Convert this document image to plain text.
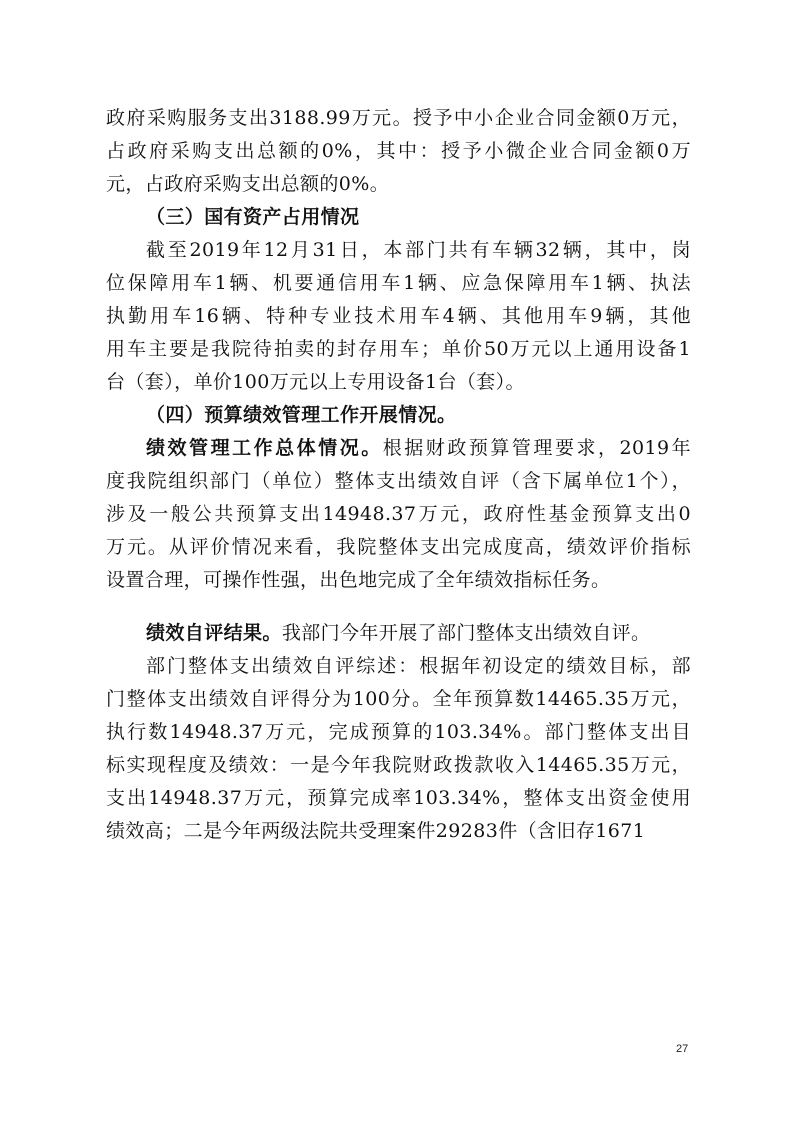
政府采购服务支出3188.99万元。授予中小企业合同金额0万元，
占政府采购支出总额的0%，其中：授予小微企业合同金额0万
元，占政府采购支出总额的0%。
（三）国有资产占用情况
截至2019年12月31日，本部门共有车辆32辆，其中，岗
位保障用车1辆、机要通信用车1辆、应急保障用车1辆、执法
执勤用车16辆、特种专业技术用车4辆、其他用车9辆，其他
用车主要是我院待拍卖的封存用车；单价50万元以上通用设备1
台（套），单价100万元以上专用设备1台（套）。
（四）预算绩效管理工作开展情况。
绩效管理工作总体情况。根据财政预算管理要求，2019年
度我院组织部门（单位）整体支出绩效自评（含下属单位1个），
涉及一般公共预算支出14948.37万元，政府性基金预算支出0
万元。从评价情况来看，我院整体支出完成度高，绩效评价指标
设置合理，可操作性强，出色地完成了全年绩效指标任务。
绩效自评结果。我部门今年开展了部门整体支出绩效自评。
部门整体支出绩效自评综述：根据年初设定的绩效目标，部
门整体支出绩效自评得分为100分。全年预算数14465.35万元，
执行数14948.37万元，完成预算的103.34%。部门整体支出目
标实现程度及绩效：一是今年我院财政拨款收入14465.35万元，
支出14948.37万元，预算完成率103.34%，整体支出资金使用
绩效高；二是今年两级法院共受理案件29283件（含旧存1671
27
